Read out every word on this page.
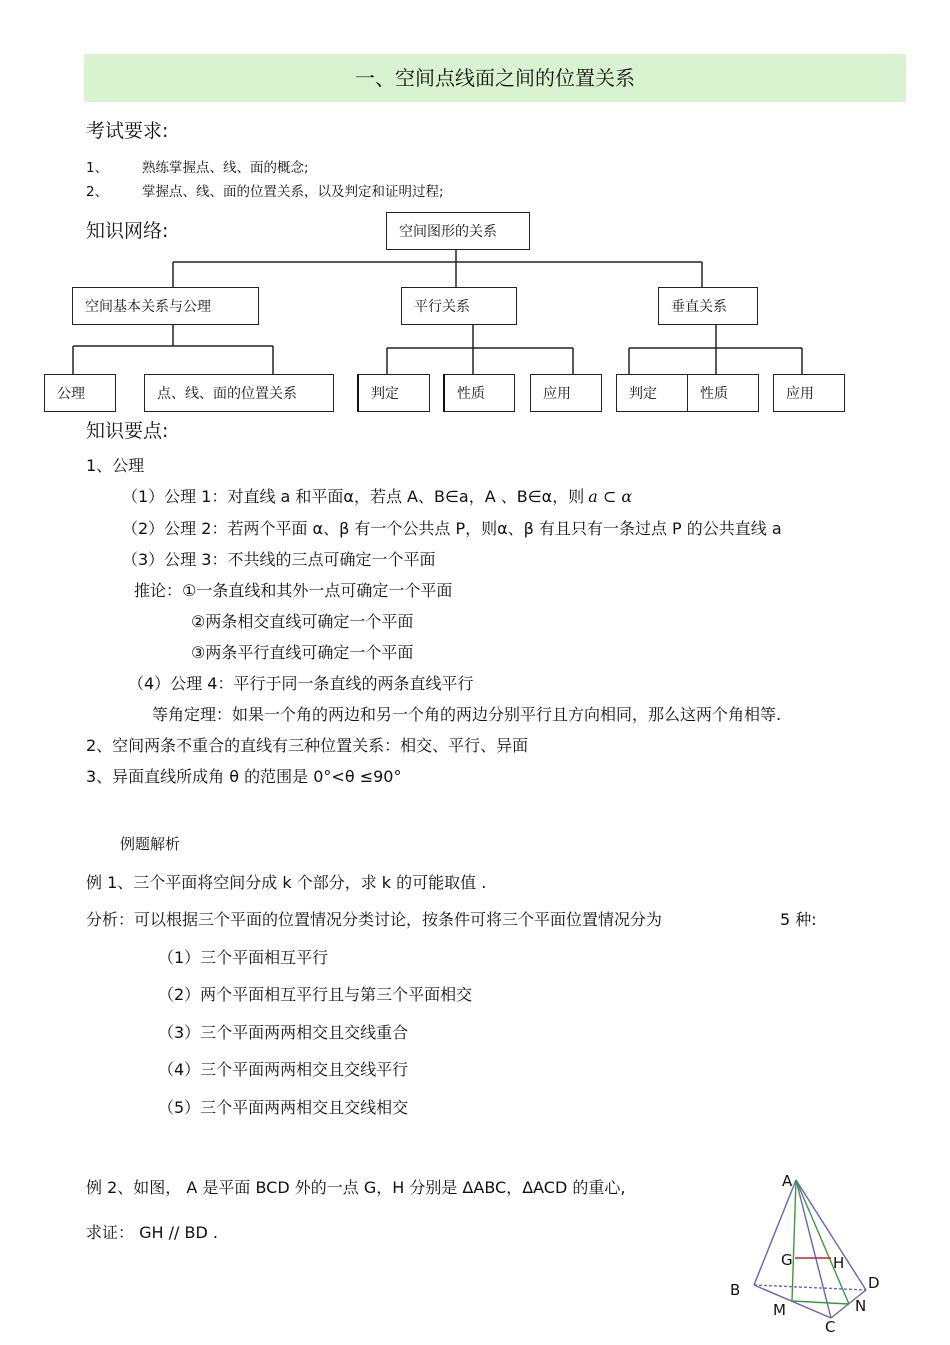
一、空间点线面之间的位置关系
考试要求:
1、	熟练掌握点、线、面的概念;
2、	掌握点、线、面的位置关系，以及判定和证明过程;
知识网络:	空间图形的关系
空间基本关系与公理	平行关系	垂直关系
公理	点、线、面的位置关系	判定	性质	应用	判定	性质	应用
知识要点:
1、公理
（1）公理 1：对直线 a 和平面α，若点 A、B∈a，A 、B∈α，则 a ⊂ α
（2）公理 2：若两个平面 α、β 有一个公共点 P，则α、β 有且只有一条过点 P 的公共直线 a
（3）公理 3：不共线的三点可确定一个平面
推论：①一条直线和其外一点可确定一个平面
②两条相交直线可确定一个平面
③两条平行直线可确定一个平面
（4）公理 4：平行于同一条直线的两条直线平行
等角定理：如果一个角的两边和另一个角的两边分别平行且方向相同，那么这两个角相等.
2、空间两条不重合的直线有三种位置关系：相交、平行、异面
3、异面直线所成角 θ 的范围是 0°<θ ≤90°
例题解析
例 1、三个平面将空间分成 k 个部分，求 k 的可能取值 .
分析：可以根据三个平面的位置情况分类讨论，按条件可将三个平面位置情况分为	5 种:
（1）三个平面相互平行
（2）两个平面相互平行且与第三个平面相交
（3）三个平面两两相交且交线重合
（4）三个平面两两相交且交线平行
（5）三个平面两两相交且交线相交
例 2、如图， A 是平面 BCD 外的一点 G，H 分别是 ΔABC，ΔACD 的重心,
求证： GH // BD .
A
G	H
B	D
M	N
C
